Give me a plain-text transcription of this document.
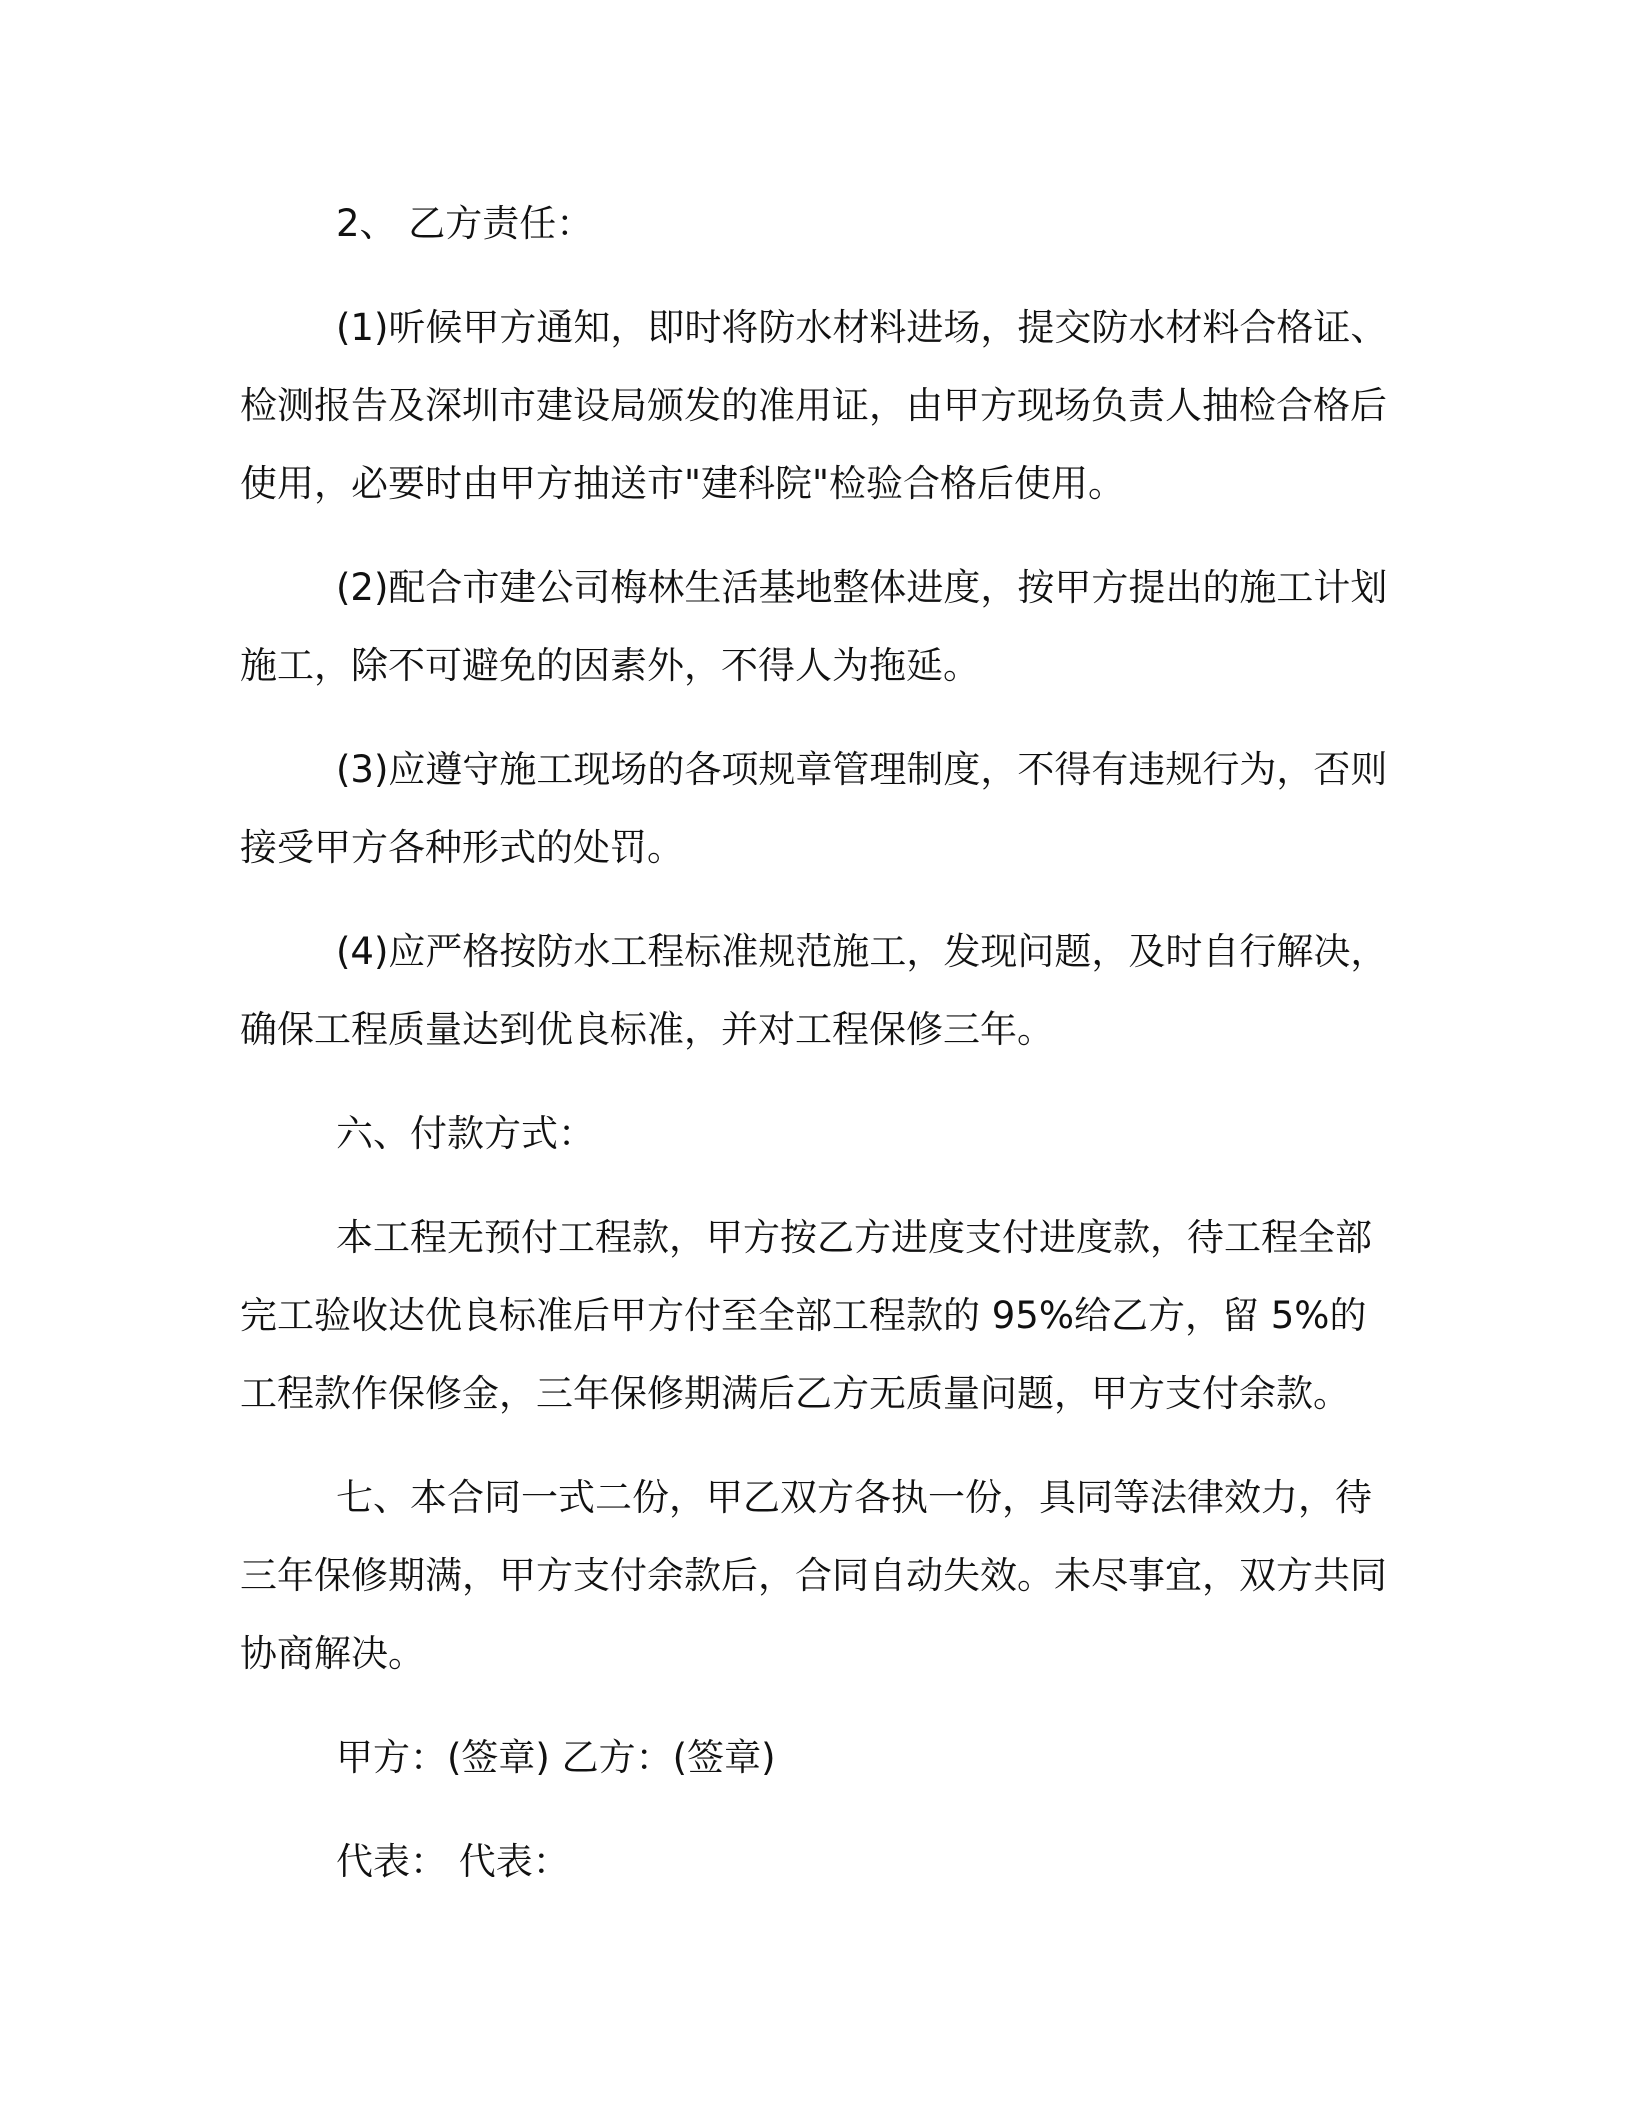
2、 乙方责任：

(1)听候甲方通知，即时将防水材料进场，提交防水材料合格证、检测报告及深圳市建设局颁发的准用证，由甲方现场负责人抽检合格后使用，必要时由甲方抽送市"建科院"检验合格后使用。

(2)配合市建公司梅林生活基地整体进度，按甲方提出的施工计划施工，除不可避免的因素外，不得人为拖延。

(3)应遵守施工现场的各项规章管理制度，不得有违规行为，否则接受甲方各种形式的处罚。

(4)应严格按防水工程标准规范施工，发现问题，及时自行解决，确保工程质量达到优良标准，并对工程保修三年。

六、付款方式：

本工程无预付工程款，甲方按乙方进度支付进度款，待工程全部完工验收达优良标准后甲方付至全部工程款的 95%给乙方，留 5%的工程款作保修金，三年保修期满后乙方无质量问题，甲方支付余款。

七、本合同一式二份，甲乙双方各执一份，具同等法律效力，待三年保修期满，甲方支付余款后，合同自动失效。未尽事宜，双方共同协商解决。

甲方：(签章) 乙方：(签章)

代表： 代表：
